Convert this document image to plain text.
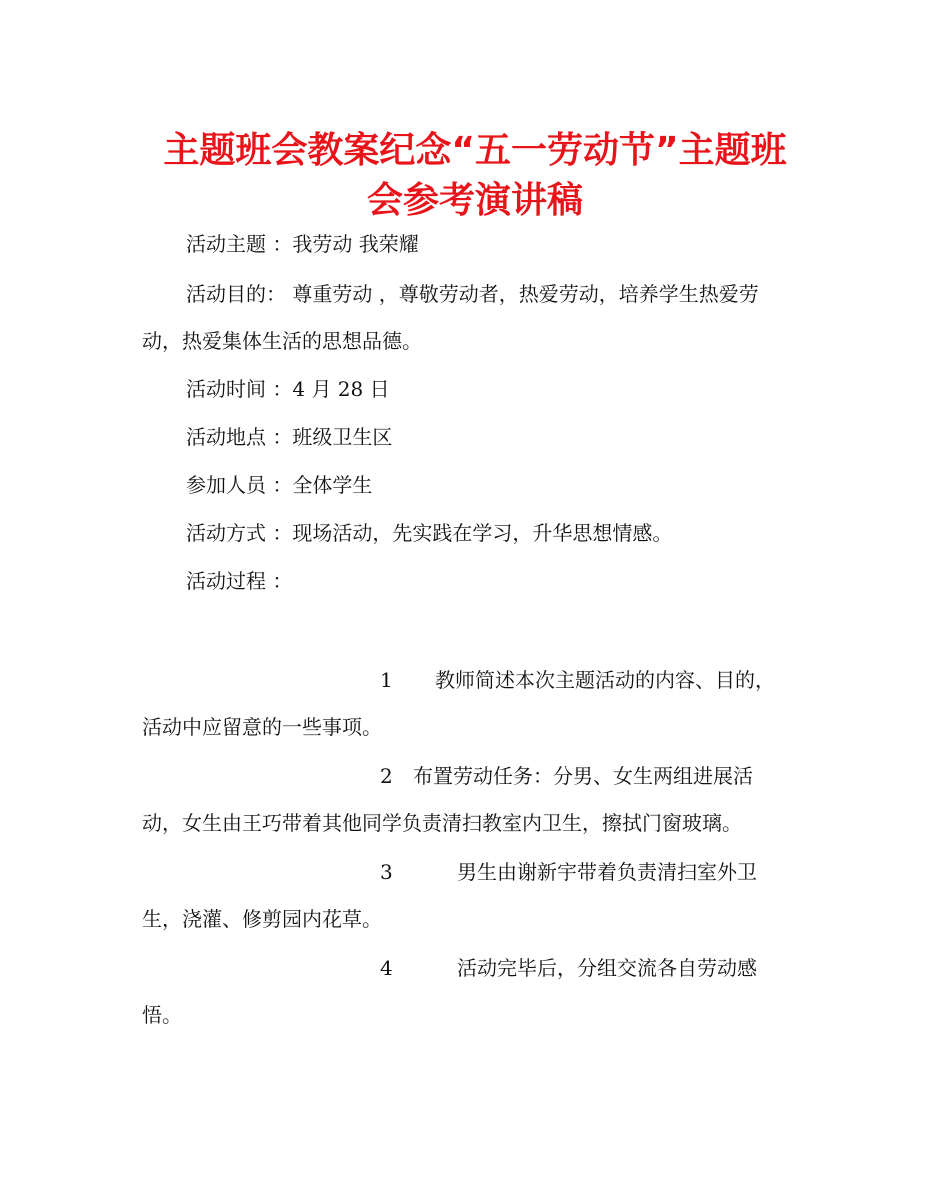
主题班会教案纪念“五一劳动节”主题班
会参考演讲稿
活动主题 ：我劳动 我荣耀
活动目的： 尊重劳动 ，尊敬劳动者，热爱劳动，培养学生热爱劳
动，热爱集体生活的思想品德。
活动时间 ：4 月 28 日
活动地点 ：班级卫生区
参加人员 ：全体学生
活动方式 ：现场活动，先实践在学习，升华思想情感。
活动过程 ：
1 教师简述本次主题活动的内容、目的，
活动中应留意的一些事项。
2 布置劳动任务：分男、女生两组进展活
动，女生由王巧带着其他同学负责清扫教室内卫生，擦拭门窗玻璃。
3	男生由谢新宇带着负责清扫室外卫
生，浇灌、修剪园内花草。
4	活动完毕后，分组交流各自劳动感
悟。
